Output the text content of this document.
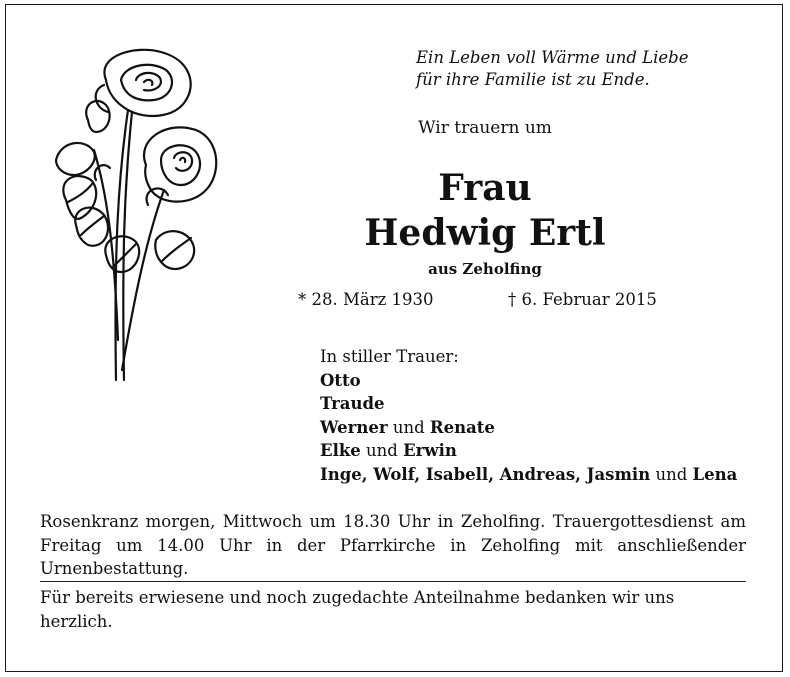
Ein Leben voll Wärme und Liebe
für ihre Familie ist zu Ende.
Wir trauern um
Frau
Hedwig Ertl
aus Zeholfing
* 28. März 1930	† 6. Februar 2015
In stiller Trauer:
Otto
Traude
Werner und Renate
Elke und Erwin
Inge, Wolf, Isabell, Andreas, Jasmin und Lena
Rosenkranz morgen, Mittwoch um 18.30 Uhr in Zeholfing. Trauergottesdienst am Freitag um 14.00 Uhr in der Pfarrkirche in Zeholfing mit anschließender Urnenbestattung.
Für bereits erwiesene und noch zugedachte Anteilnahme bedanken wir uns herzlich.
